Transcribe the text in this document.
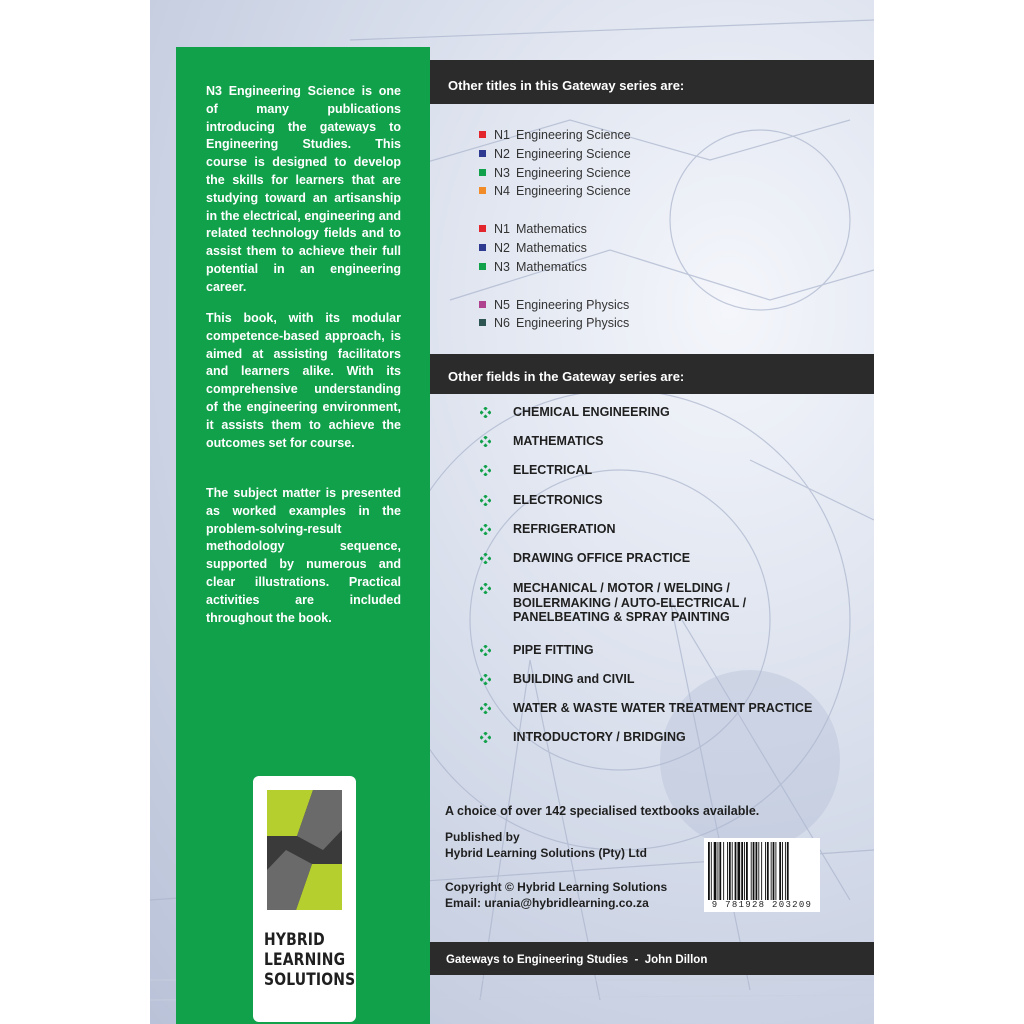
N3 Engineering Science is one of many publications introducing the gateways to Engineering Studies. This course is designed to develop the skills for learners that are studying toward an artisanship in the electrical, engineering and related technology fields and to assist them to achieve their full potential in an engineering career.

This book, with its modular competence-based approach, is aimed at assisting facilitators and learners alike. With its comprehensive understanding of the engineering environment, it assists them to achieve the outcomes set for course.

The subject matter is presented as worked examples in the problem-solving-result methodology sequence, supported by numerous and clear illustrations. Practical activities are included throughout the book.

HYBRID
LEARNING
SOLUTIONS
Other titles in this Gateway series are:
N1 Engineering Science
N2 Engineering Science
N3 Engineering Science
N4 Engineering Science
N1 Mathematics
N2 Mathematics
N3 Mathematics
N5 Engineering Physics
N6 Engineering Physics
Other fields in the Gateway series are:
CHEMICAL ENGINEERING
MATHEMATICS
ELECTRICAL
ELECTRONICS
REFRIGERATION
DRAWING OFFICE PRACTICE
MECHANICAL / MOTOR / WELDING /
BOILERMAKING / AUTO-ELECTRICAL /
PANELBEATING & SPRAY PAINTING
PIPE FITTING
BUILDING and CIVIL
WATER & WASTE WATER TREATMENT PRACTICE
INTRODUCTORY / BRIDGING
A choice of over 142 specialised textbooks available.
Published by
Hybrid Learning Solutions (Pty) Ltd
Copyright © Hybrid Learning Solutions
Email: urania@hybridlearning.co.za	9 781928 203209
Gateways to Engineering Studies  -  John Dillon
